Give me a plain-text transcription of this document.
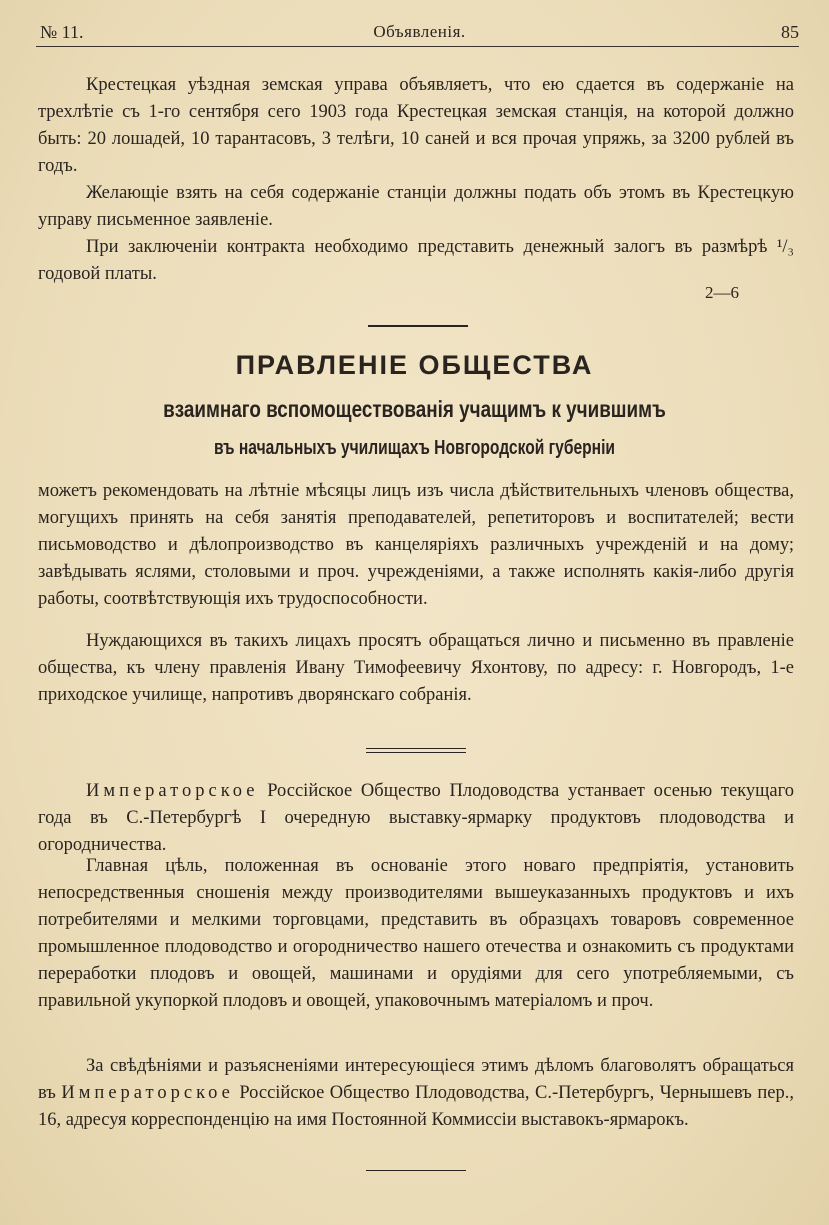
№ 11.	Объявленія.	85

Крестецкая уѣздная земская управа объявляетъ, что ею сдается въ содержаніе на трехлѣтіе съ 1-го сентября сего 1903 года Крестецкая земская станція, на которой должно быть: 20 лошадей, 10 тарантасовъ, 3 телѣги, 10 саней и вся прочая упряжь, за 3200 рублей въ годъ.

Желающіе взять на себя содержаніе станціи должны подать объ этомъ въ Крестецкую управу письменное заявленіе.

При заключеніи контракта необходимо представить денежный залогъ въ размѣрѣ ¹/₃ годовой платы.

2—6
ПРАВЛЕНІЕ ОБЩЕСТВА
взаимнаго вспомоществованія учащимъ к учившимъ
въ начальныхъ училищахъ Новгородской губерніи

можетъ рекомендовать на лѣтніе мѣсяцы лицъ изъ числа дѣйствительныхъ членовъ общества, могущихъ принять на себя занятія преподавателей, репетиторовъ и воспитателей; вести письмоводство и дѣлопроизводство въ канцеляріяхъ различныхъ учрежденій и на дому; завѣдывать яслями, столовыми и проч. учрежденіями, а также исполнять какія-либо другія работы, соотвѣтствующія ихъ трудоспособности.

Нуждающихся въ такихъ лицахъ просятъ обращаться лично и письменно въ правленіе общества, къ члену правленія Ивану Тимофеевичу Яхонтову, по адресу: г. Новгородъ, 1-е приходское училище, напротивъ дворянскаго собранія.

Императорское Россійское Общество Плодоводства устанвает осенью текущаго года въ С.-Петербургѣ I очередную выставку-ярмарку продуктовъ плодоводства и огородничества.

Главная цѣль, положенная въ основаніе этого новаго предпріятія, установить непосредственныя сношенія между производителями вышеуказанныхъ продуктовъ и ихъ потребителями и мелкими торговцами, представить въ образцахъ товаровъ современное промышленное плодоводство и огородничество нашего отечества и ознакомить съ продуктами переработки плодовъ и овощей, машинами и орудіями для сего употребляемыми, съ правильной укупоркой плодовъ и овощей, упаковочнымъ матеріаломъ и проч.

За свѣдѣніями и разъясненіями интересующіеся этимъ дѣломъ благоволятъ обращаться въ Императорское Россійское Общество Плодоводства, С.-Петербургъ, Чернышевъ пер., 16, адресуя корреспонденцію на имя Постоянной Коммиссіи выставокъ-ярмарокъ.
